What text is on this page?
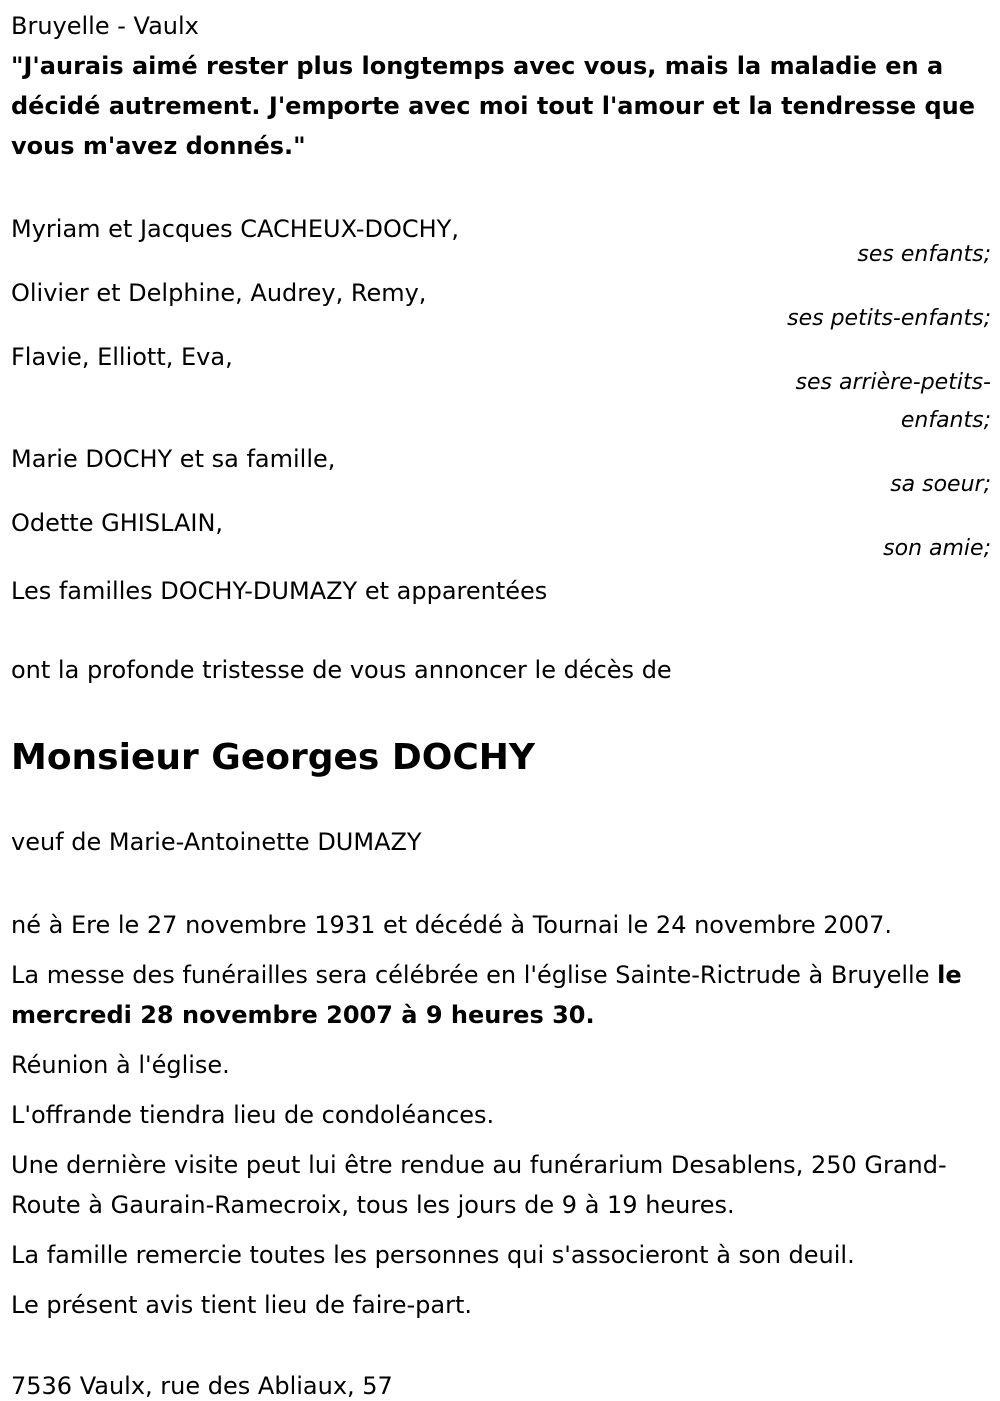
Bruyelle - Vaulx
"J'aurais aimé rester plus longtemps avec vous, mais la maladie en a décidé autrement. J'emporte avec moi tout l'amour et la tendresse que vous m'avez donnés."
Myriam et Jacques CACHEUX-DOCHY,
ses enfants;
Olivier et Delphine, Audrey, Remy,
ses petits-enfants;
Flavie, Elliott, Eva,
ses arrière-petits-enfants;
Marie DOCHY et sa famille,
sa soeur;
Odette GHISLAIN,
son amie;
Les familles DOCHY-DUMAZY et apparentées
ont la profonde tristesse de vous annoncer le décès de
Monsieur Georges DOCHY
veuf de Marie-Antoinette DUMAZY
né à Ere le 27 novembre 1931 et décédé à Tournai le 24 novembre 2007.
La messe des funérailles sera célébrée en l'église Sainte-Rictrude à Bruyelle le mercredi 28 novembre 2007 à 9 heures 30.
Réunion à l'église.
L'offrande tiendra lieu de condoléances.
Une dernière visite peut lui être rendue au funérarium Desablens, 250 Grand-Route à Gaurain-Ramecroix, tous les jours de 9 à 19 heures.
La famille remercie toutes les personnes qui s'associeront à son deuil.
Le présent avis tient lieu de faire-part.
7536 Vaulx, rue des Abliaux, 57
